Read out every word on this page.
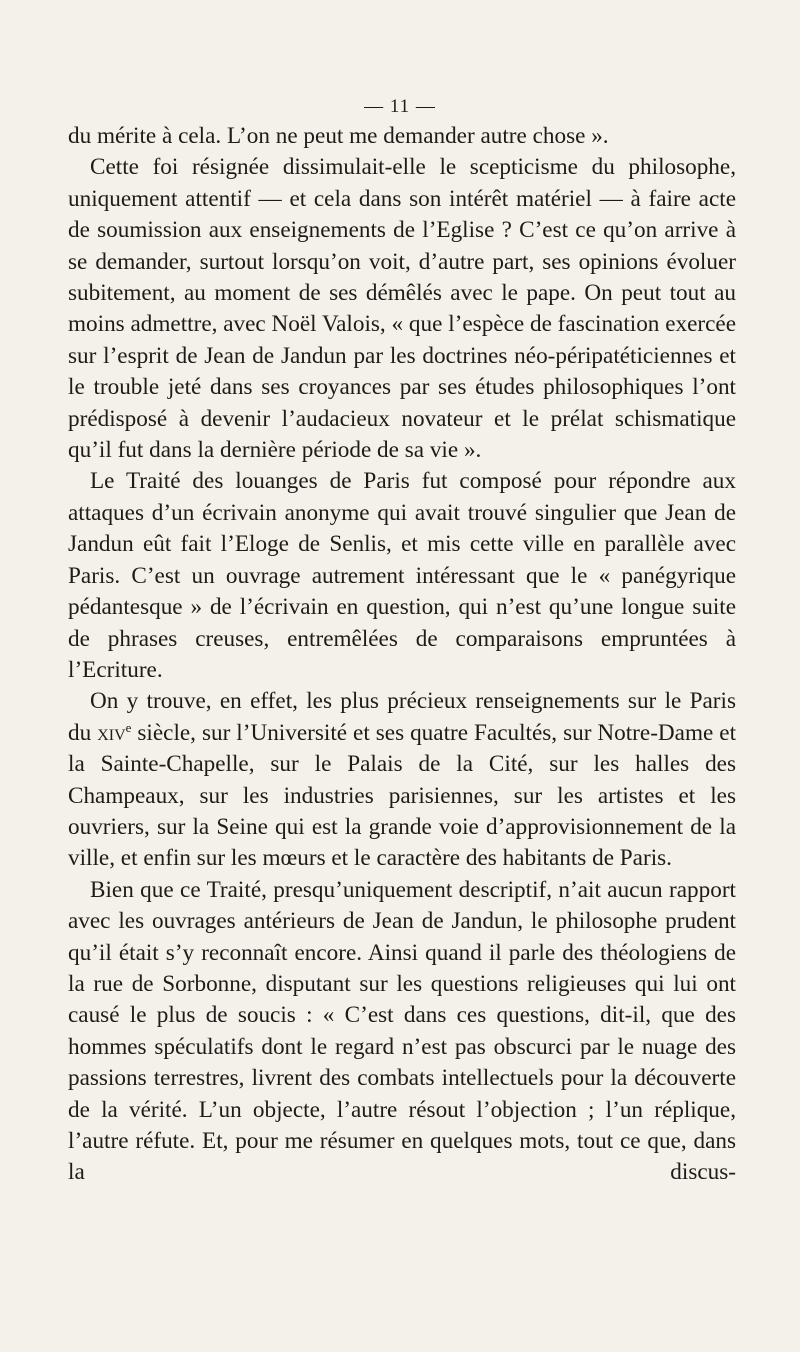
— 11 —

du mérite à cela. L’on ne peut me demander autre chose ».

Cette foi résignée dissimulait-elle le scepticisme du philosophe, uniquement attentif — et cela dans son intérêt matériel — à faire acte de soumission aux enseignements de l’Eglise ? C’est ce qu’on arrive à se demander, surtout lorsqu’on voit, d’autre part, ses opinions évoluer subitement, au moment de ses démêlés avec le pape. On peut tout au moins admettre, avec Noël Valois, « que l’espèce de fascination exercée sur l’esprit de Jean de Jandun par les doctrines néo-péripatéticiennes et le trouble jeté dans ses croyances par ses études philosophiques l’ont prédisposé à devenir l’audacieux novateur et le prélat schismatique qu’il fut dans la dernière période de sa vie ».

Le Traité des louanges de Paris fut composé pour répondre aux attaques d’un écrivain anonyme qui avait trouvé singulier que Jean de Jandun eût fait l’Eloge de Senlis, et mis cette ville en parallèle avec Paris. C’est un ouvrage autrement intéressant que le « panégyrique pédantesque » de l’écrivain en question, qui n’est qu’une longue suite de phrases creuses, entremêlées de comparaisons empruntées à l’Ecriture.

On y trouve, en effet, les plus précieux renseignements sur le Paris du xiv$^e$ siècle, sur l’Université et ses quatre Facultés, sur Notre-Dame et la Sainte-Chapelle, sur le Palais de la Cité, sur les halles des Champeaux, sur les industries parisiennes, sur les artistes et les ouvriers, sur la Seine qui est la grande voie d’approvisionnement de la ville, et enfin sur les mœurs et le caractère des habitants de Paris.

Bien que ce Traité, presqu’uniquement descriptif, n’ait aucun rapport avec les ouvrages antérieurs de Jean de Jandun, le philosophe prudent qu’il était s’y reconnaît encore. Ainsi quand il parle des théologiens de la rue de Sorbonne, disputant sur les questions religieuses qui lui ont causé le plus de soucis : « C’est dans ces questions, dit-il, que des hommes spéculatifs dont le regard n’est pas obscurci par le nuage des passions terrestres, livrent des combats intellectuels pour la découverte de la vérité. L’un objecte, l’autre résout l’objection ; l’un réplique, l’autre réfute. Et, pour me résumer en quelques mots, tout ce que, dans la discus-
